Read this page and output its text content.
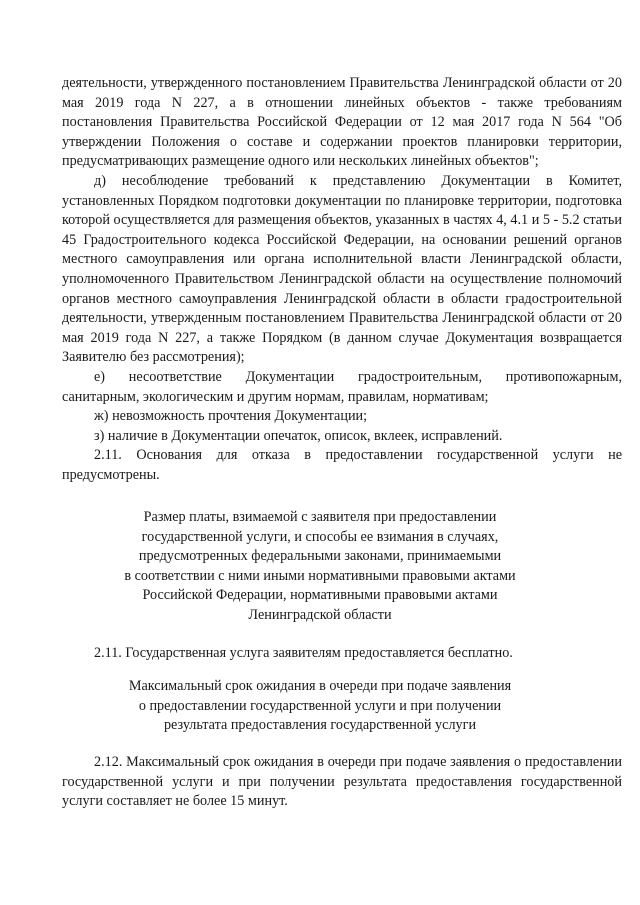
деятельности, утвержденного постановлением Правительства Ленинградской области от 20 мая 2019 года N 227, а в отношении линейных объектов - также требованиям постановления Правительства Российской Федерации от 12 мая 2017 года N 564 "Об утверждении Положения о составе и содержании проектов планировки территории, предусматривающих размещение одного или нескольких линейных объектов";

д) несоблюдение требований к представлению Документации в Комитет, установленных Порядком подготовки документации по планировке территории, подготовка которой осуществляется для размещения объектов, указанных в частях 4, 4.1 и 5 - 5.2 статьи 45 Градостроительного кодекса Российской Федерации, на основании решений органов местного самоуправления или органа исполнительной власти Ленинградской области, уполномоченного Правительством Ленинградской области на осуществление полномочий органов местного самоуправления Ленинградской области в области градостроительной деятельности, утвержденным постановлением Правительства Ленинградской области от 20 мая 2019 года N 227, а также Порядком (в данном случае Документация возвращается Заявителю без рассмотрения);

е) несоответствие Документации градостроительным, противопожарным, санитарным, экологическим и другим нормам, правилам, нормативам;

ж) невозможность прочтения Документации;

з) наличие в Документации опечаток, описок, вклеек, исправлений.

2.11. Основания для отказа в предоставлении государственной услуги не предусмотрены.

Размер платы, взимаемой с заявителя при предоставлении

государственной услуги, и способы ее взимания в случаях,

предусмотренных федеральными законами, принимаемыми

в соответствии с ними иными нормативными правовыми актами

Российской Федерации, нормативными правовыми актами

Ленинградской области

2.11. Государственная услуга заявителям предоставляется бесплатно.

Максимальный срок ожидания в очереди при подаче заявления

о предоставлении государственной услуги и при получении

результата предоставления государственной услуги

2.12. Максимальный срок ожидания в очереди при подаче заявления о предоставлении государственной услуги и при получении результата предоставления государственной услуги составляет не более 15 минут.
